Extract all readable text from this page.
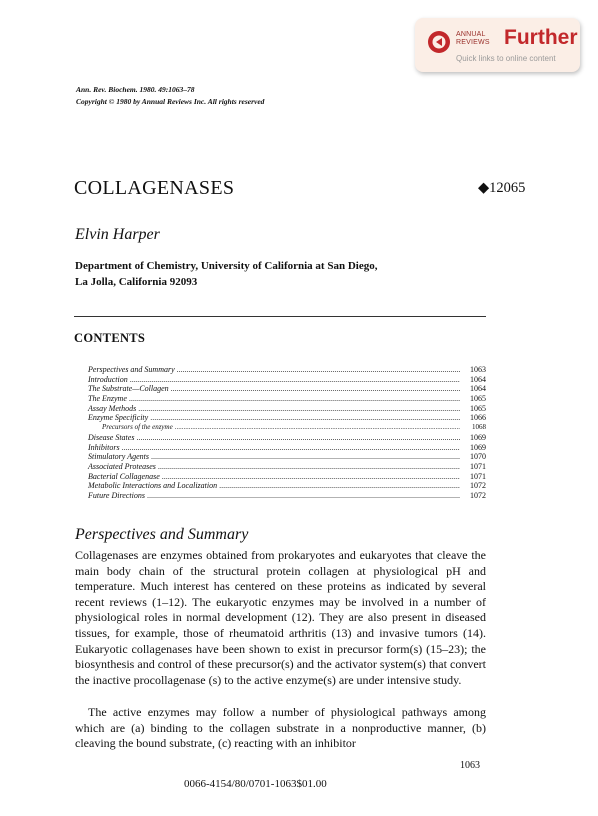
ANNUAL
REVIEWS Further
Quick links to online content
Ann. Rev. Biochem. 1980. 49:1063–78
Copyright © 1980 by Annual Reviews Inc. All rights reserved
COLLAGENASES	◆12065
Elvin Harper
Department of Chemistry, University of California at San Diego,
La Jolla, California 92093
CONTENTS
Perspectives and Summary .....	1063
Introduction .....	1064
The Substrate—Collagen .....	1064
The Enzyme .....	1065
Assay Methods .....	1065
Enzyme Specificity .....	1066
Precursors of the enzyme .....	1068
Disease States .....	1069
Inhibitors .....	1069
Stimulatory Agents .....	1070
Associated Proteases .....	1071
Bacterial Collagenase .....	1071
Metabolic Interactions and Localization .....	1072
Future Directions .....	1072
Perspectives and Summary
Collagenases are enzymes obtained from prokaryotes and eukaryotes that cleave the main body chain of the structural protein collagen at physiological pH and temperature. Much interest has centered on these proteins as indicated by several recent reviews (1–12). The eukaryotic enzymes may be involved in a number of physiological roles in normal development (12). They are also present in diseased tissues, for example, those of rheumatoid arthritis (13) and invasive tumors (14). Eukaryotic collagenases have been shown to exist in precursor form(s) (15–23); the biosynthesis and control of these precursor(s) and the activator system(s) that convert the inactive procollagenase (s) to the active enzyme(s) are under intensive study.
The active enzymes may follow a number of physiological pathways among which are (a) binding to the collagen substrate in a nonproductive manner, (b) cleaving the bound substrate, (c) reacting with an inhibitor
1063
0066-4154/80/0701-1063$01.00
